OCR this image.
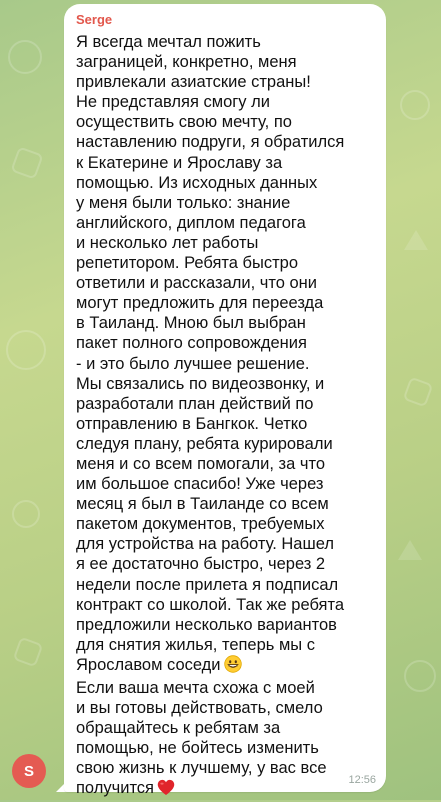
S
Serge

Я всегда мечтал пожить
заграницей, конкретно, меня
привлекали азиатские страны!
Не представляя смогу ли
осуществить свою мечту, по
наставлению подруги, я обратился
к Екатерине и Ярославу за
помощью. Из исходных данных
у меня были только: знание
английского, диплом педагога
и несколько лет работы
репетитором. Ребята быстро
ответили и рассказали, что они
могут предложить для переезда
в Таиланд. Мною был выбран
пакет полного сопровождения
- и это было лучшее решение.
Мы связались по видеозвонку, и
разработали план действий по
отправлению в Бангкок. Четко
следуя плану, ребята курировали
меня и со всем помогали, за что
им большое спасибо! Уже через
месяц я был в Таиланде со всем
пакетом документов, требуемых
для устройства на работу. Нашел
я ее достаточно быстро, через 2
недели после прилета я подписал
контракт со школой. Так же ребята
предложили несколько вариантов
для снятия жилья, теперь мы с
Ярославом соседи
Если ваша мечта схожа с моей
и вы готовы действовать, смело
обращайтесь к ребятам за
помощью, не бойтесь изменить
свою жизнь к лучшему, у вас все
получится	12:56
